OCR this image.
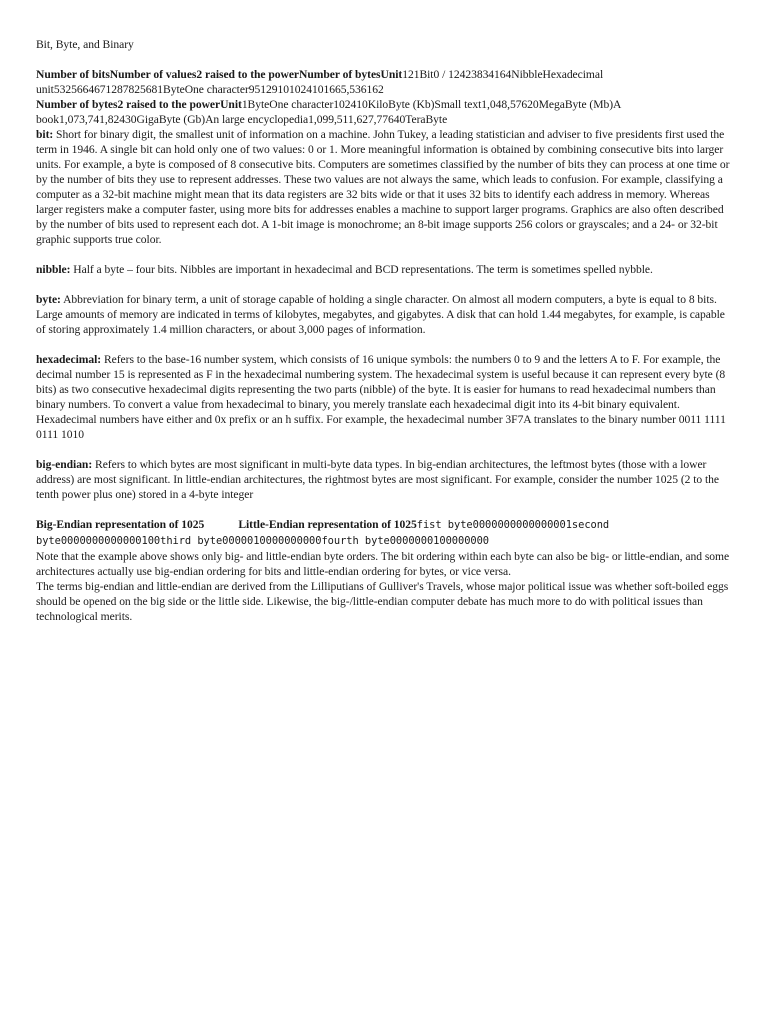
Bit, Byte, and Binary

Number of bitsNumber of values2 raised to the powerNumber of bytesUnit121Bit0 / 12423834164NibbleHexadecimal unit5325664671287825681ByteOne character95129101024101665,536162

Number of bytes2 raised to the powerUnit1ByteOne character102410KiloByte (Kb)Small text1,048,57620MegaByte (Mb)A book1,073,741,82430GigaByte (Gb)An large encyclopedia1,099,511,627,77640TeraByte

bit: Short for binary digit, the smallest unit of information on a machine. John Tukey, a leading statistician and adviser to five presidents first used the term in 1946. A single bit can hold only one of two values: 0 or 1. More meaningful information is obtained by combining consecutive bits into larger units. For example, a byte is composed of 8 consecutive bits. Computers are sometimes classified by the number of bits they can process at one time or by the number of bits they use to represent addresses. These two values are not always the same, which leads to confusion. For example, classifying a computer as a 32-bit machine might mean that its data registers are 32 bits wide or that it uses 32 bits to identify each address in memory. Whereas larger registers make a computer faster, using more bits for addresses enables a machine to support larger programs. Graphics are also often described by the number of bits used to represent each dot. A 1-bit image is monochrome; an 8-bit image supports 256 colors or grayscales; and a 24- or 32-bit graphic supports true color.

nibble: Half a byte – four bits. Nibbles are important in hexadecimal and BCD representations. The term is sometimes spelled nybble.

byte: Abbreviation for binary term, a unit of storage capable of holding a single character. On almost all modern computers, a byte is equal to 8 bits. Large amounts of memory are indicated in terms of kilobytes, megabytes, and gigabytes. A disk that can hold 1.44 megabytes, for example, is capable of storing approximately 1.4 million characters, or about 3,000 pages of information.

hexadecimal: Refers to the base-16 number system, which consists of 16 unique symbols: the numbers 0 to 9 and the letters A to F. For example, the decimal number 15 is represented as F in the hexadecimal numbering system. The hexadecimal system is useful because it can represent every byte (8 bits) as two consecutive hexadecimal digits representing the two parts (nibble) of the byte. It is easier for humans to read hexadecimal numbers than binary numbers. To convert a value from hexadecimal to binary, you merely translate each hexadecimal digit into its 4-bit binary equivalent. Hexadecimal numbers have either and 0x prefix or an h suffix. For example, the hexadecimal number 3F7A translates to the binary number 0011 1111 0111 1010

big-endian: Refers to which bytes are most significant in multi-byte data types. In big-endian architectures, the leftmost bytes (those with a lower address) are most significant. In little-endian architectures, the rightmost bytes are most significant. For example, consider the number 1025 (2 to the tenth power plus one) stored in a 4-byte integer

Big-Endian representation of 1025	Little-Endian representation of 1025fist byte0000000000000001second byte0000000000000100third byte0000010000000000fourth byte0000000100000000

Note that the example above shows only big- and little-endian byte orders. The bit ordering within each byte can also be big- or little-endian, and some architectures actually use big-endian ordering for bits and little-endian ordering for bytes, or vice versa.

The terms big-endian and little-endian are derived from the Lilliputians of Gulliver's Travels, whose major political issue was whether soft-boiled eggs should be opened on the big side or the little side. Likewise, the big-/little-endian computer debate has much more to do with political issues than technological merits.
